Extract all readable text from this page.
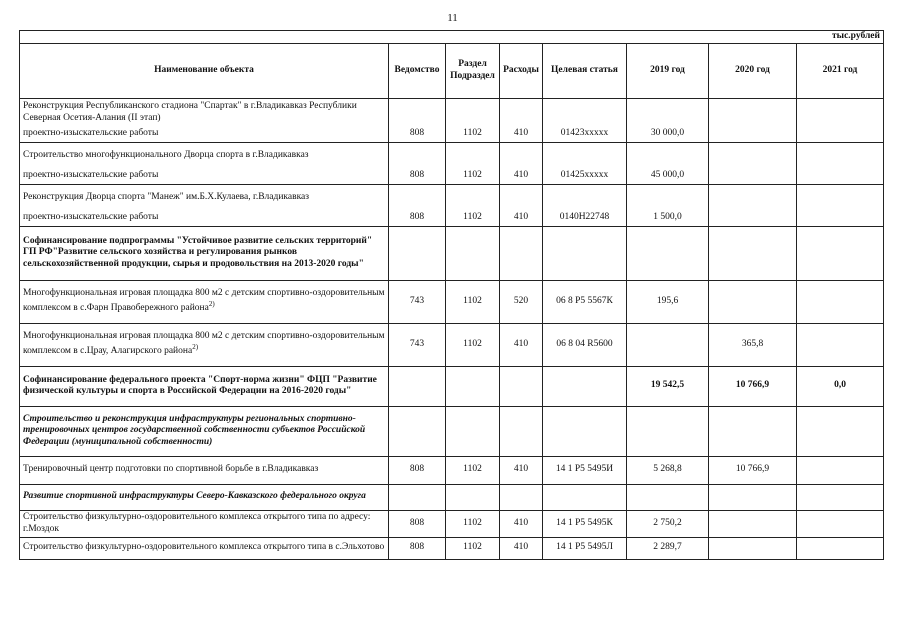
11
тыс.рублей							
Наименование объекта	Ведомство	Раздел Подраздел	Расходы	Целевая статья	2019 год	2020 год	2021 год
Реконструкция Республиканского стадиона "Спартак" в г.Владикавказ Республики Северная Осетия-Алания (II этап)							
проектно-изыскательские работы	808	1102	410	01423xxxxx	30 000,0		
Строительство многофункционального Дворца спорта в г.Владикавказ							
проектно-изыскательские работы	808	1102	410	01425xxxxx	45 000,0		
Реконструкция Дворца спорта "Манеж" им.Б.Х.Кулаева, г.Владикавказ							
проектно-изыскательские работы	808	1102	410	0140Н22748	1 500,0		
Софинансирование подпрограммы "Устойчивое развитие сельских территорий" ГП РФ"Развитие сельского хозяйства и регулирования рынков сельскохозяйственной продукции, сырья и продовольствия на 2013-2020 годы"							
Многофункциональная игровая площадка 800 м2 с детским спортивно-оздоровительным комплексом в с.Фарн Правобережного района$^{2)}$	743	1102	520	06 8 Р5 5567К	195,6		
Многофункциональная игровая площадка 800 м2 с детским спортивно-оздоровительным комплексом в с.Црау, Алагирского района$^{2)}$	743	1102	410	06 8 04 R5600		365,8	
Софинансирование федерального проекта "Спорт-норма жизни" ФЦП "Развитие физической культуры и спорта в Российской Федерации на 2016-2020 годы"					19 542,5	10 766,9	0,0
Строительство и реконструкция инфраструктуры региональных спортивно-тренировочных центров государственной собственности субъектов Российской Федерации (муниципальной собственности)							
Тренировочный центр подготовки по спортивной борьбе в г.Владикавказ	808	1102	410	14 1 Р5 5495И	5 268,8	10 766,9	
Развитие спортивной инфраструктуры Северо-Кавказского федерального округа							
Строительство физкультурно-оздоровительного комплекса открытого типа по адресу: г.Моздок	808	1102	410	14 1 Р5 5495К	2 750,2		
Строительство физкультурно-оздоровительного комплекса открытого типа в с.Эльхотово	808	1102	410	14 1 Р5 5495Л	2 289,7		
